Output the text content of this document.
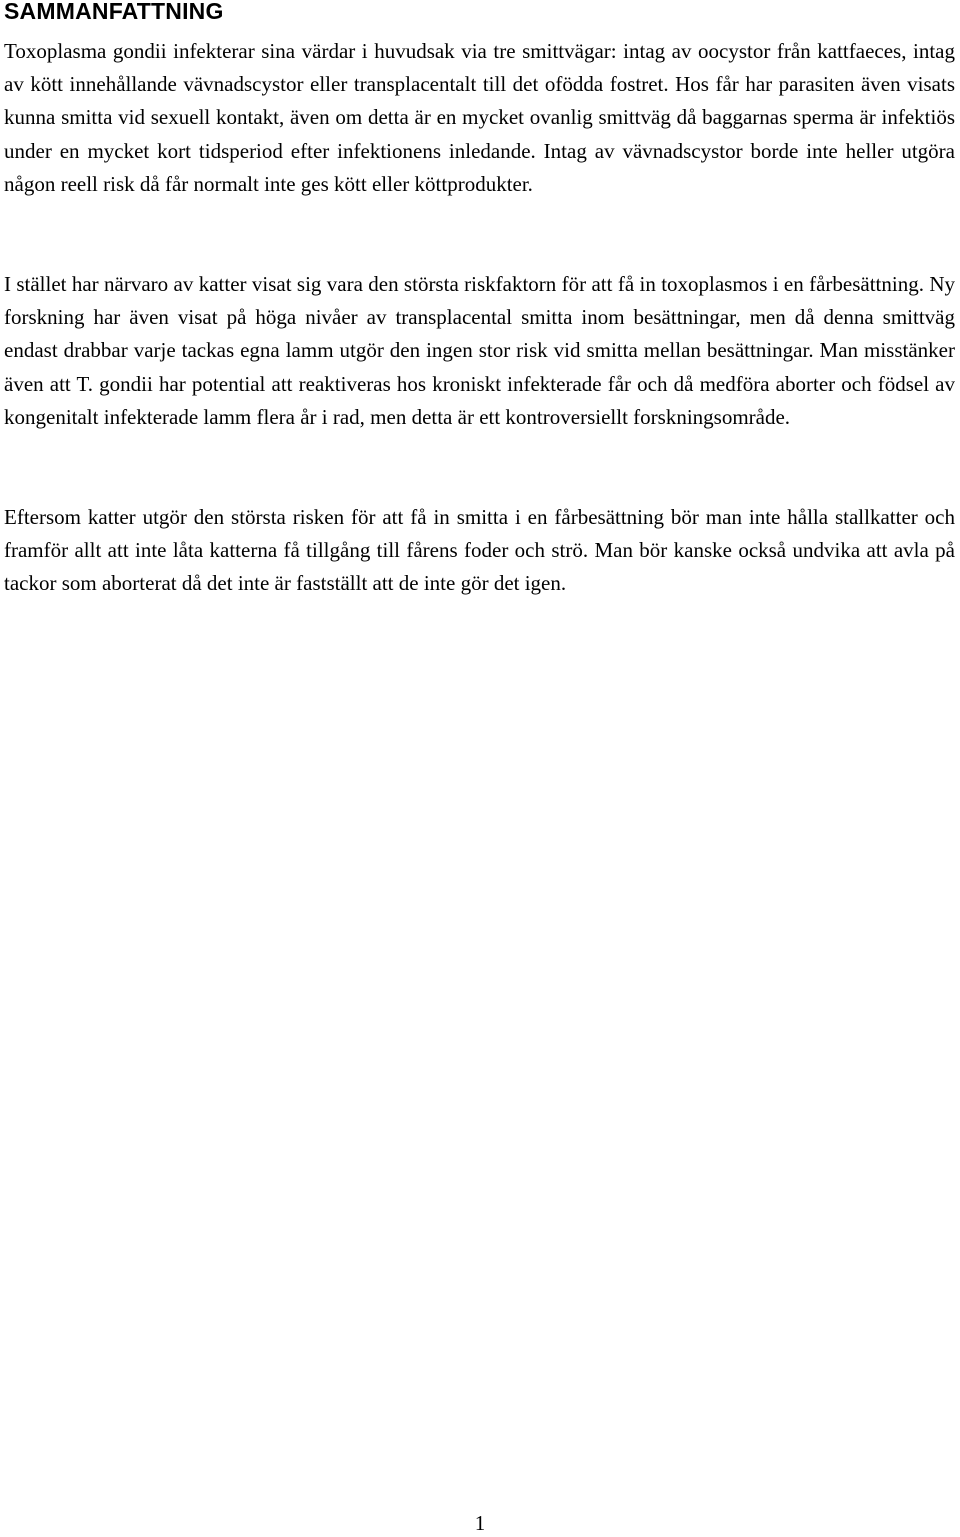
SAMMANFATTNING

Toxoplasma gondii infekterar sina värdar i huvudsak via tre smittvägar: intag av oocystor från kattfaeces, intag av kött innehållande vävnadscystor eller transplacentalt till det ofödda fostret. Hos får har parasiten även visats kunna smitta vid sexuell kontakt, även om detta är en mycket ovanlig smittväg då baggarnas sperma är infektiös under en mycket kort tidsperiod efter infektionens inledande. Intag av vävnadscystor borde inte heller utgöra någon reell risk då får normalt inte ges kött eller köttprodukter.

I stället har närvaro av katter visat sig vara den största riskfaktorn för att få in toxoplasmos i en fårbesättning. Ny forskning har även visat på höga nivåer av transplacental smitta inom besättningar, men då denna smittväg endast drabbar varje tackas egna lamm utgör den ingen stor risk vid smitta mellan besättningar. Man misstänker även att T. gondii har potential att reaktiveras hos kroniskt infekterade får och då medföra aborter och födsel av kongenitalt infekterade lamm flera år i rad, men detta är ett kontroversiellt forskningsområde.

Eftersom katter utgör den största risken för att få in smitta i en fårbesättning bör man inte hålla stallkatter och framför allt att inte låta katterna få tillgång till fårens foder och strö. Man bör kanske också undvika att avla på tackor som aborterat då det inte är fastställt att de inte gör det igen.

1
